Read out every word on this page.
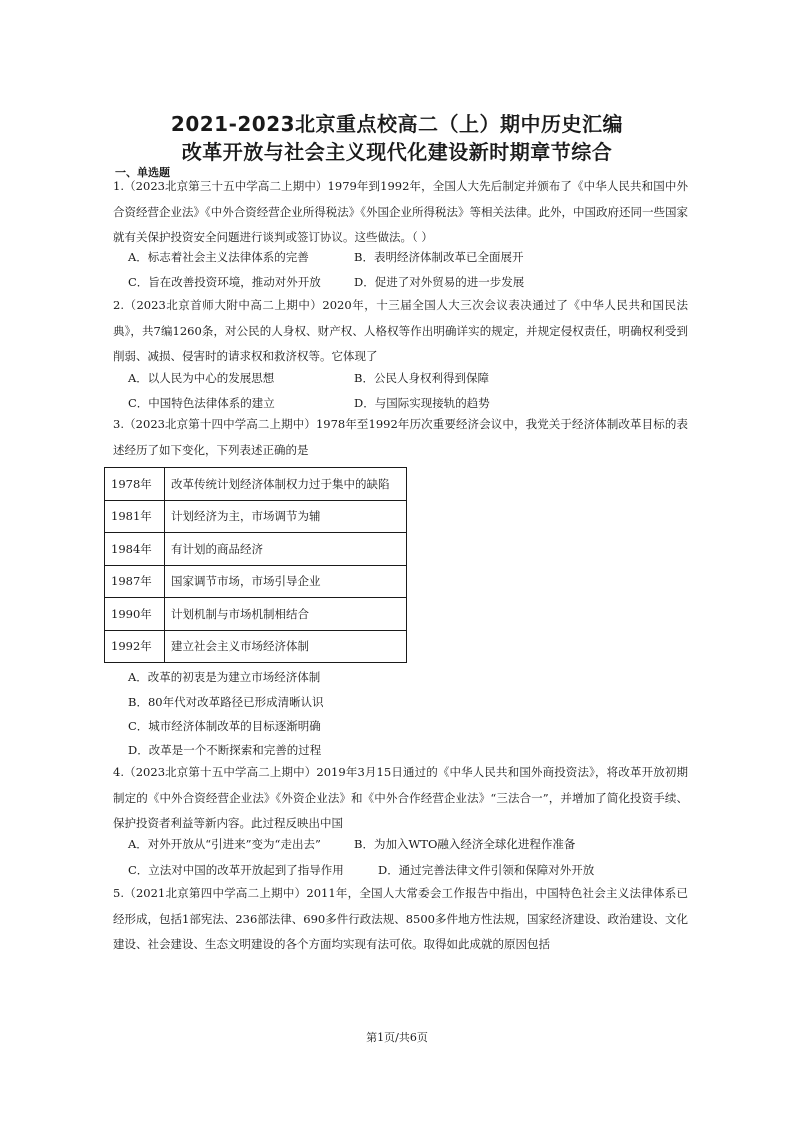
2021-2023北京重点校高二（上）期中历史汇编
改革开放与社会主义现代化建设新时期章节综合
一、单选题
1.（2023北京第三十五中学高二上期中）1979年到1992年，全国人大先后制定并颁布了《中华人民共和国中外合资经营企业法》《中外合资经营企业所得税法》《外国企业所得税法》等相关法律。此外，中国政府还同一些国家就有关保护投资安全问题进行谈判或签订协议。这些做法。（ ）
A．标志着社会主义法律体系的完善	B．表明经济体制改革已全面展开
C．旨在改善投资环境，推动对外开放	D．促进了对外贸易的进一步发展
2.（2023北京首师大附中高二上期中）2020年，十三届全国人大三次会议表决通过了《中华人民共和国民法典》，共7编1260条，对公民的人身权、财产权、人格权等作出明确详实的规定，并规定侵权责任，明确权利受到削弱、减损、侵害时的请求权和救济权等。它体现了
A．以人民为中心的发展思想	B．公民人身权利得到保障
C．中国特色法律体系的建立	D．与国际实现接轨的趋势
3.（2023北京第十四中学高二上期中）1978年至1992年历次重要经济会议中，我党关于经济体制改革目标的表述经历了如下变化，下列表述正确的是
1978年	改革传统计划经济体制权力过于集中的缺陷
1981年	计划经济为主，市场调节为辅
1984年	有计划的商品经济
1987年	国家调节市场，市场引导企业
1990年	计划机制与市场机制相结合
1992年	建立社会主义市场经济体制
A．改革的初衷是为建立市场经济体制
B．80年代对改革路径已形成清晰认识
C．城市经济体制改革的目标逐渐明确
D．改革是一个不断探索和完善的过程
4.（2023北京第十五中学高二上期中）2019年3月15日通过的《中华人民共和国外商投资法》，将改革开放初期制定的《中外合资经营企业法》《外资企业法》和《中外合作经营企业法》“三法合一”，并增加了简化投资手续、保护投资者利益等新内容。此过程反映出中国
A．对外开放从“引进来”变为“走出去”	B．为加入WTO融入经济全球化进程作准备
C．立法对中国的改革开放起到了指导作用	D．通过完善法律文件引领和保障对外开放
5.（2021北京第四中学高二上期中）2011年，全国人大常委会工作报告中指出，中国特色社会主义法律体系已经形成，包括1部宪法、236部法律、690多件行政法规、8500多件地方性法规，国家经济建设、政治建设、文化建设、社会建设、生态文明建设的各个方面均实现有法可依。取得如此成就的原因包括
第1页/共6页
